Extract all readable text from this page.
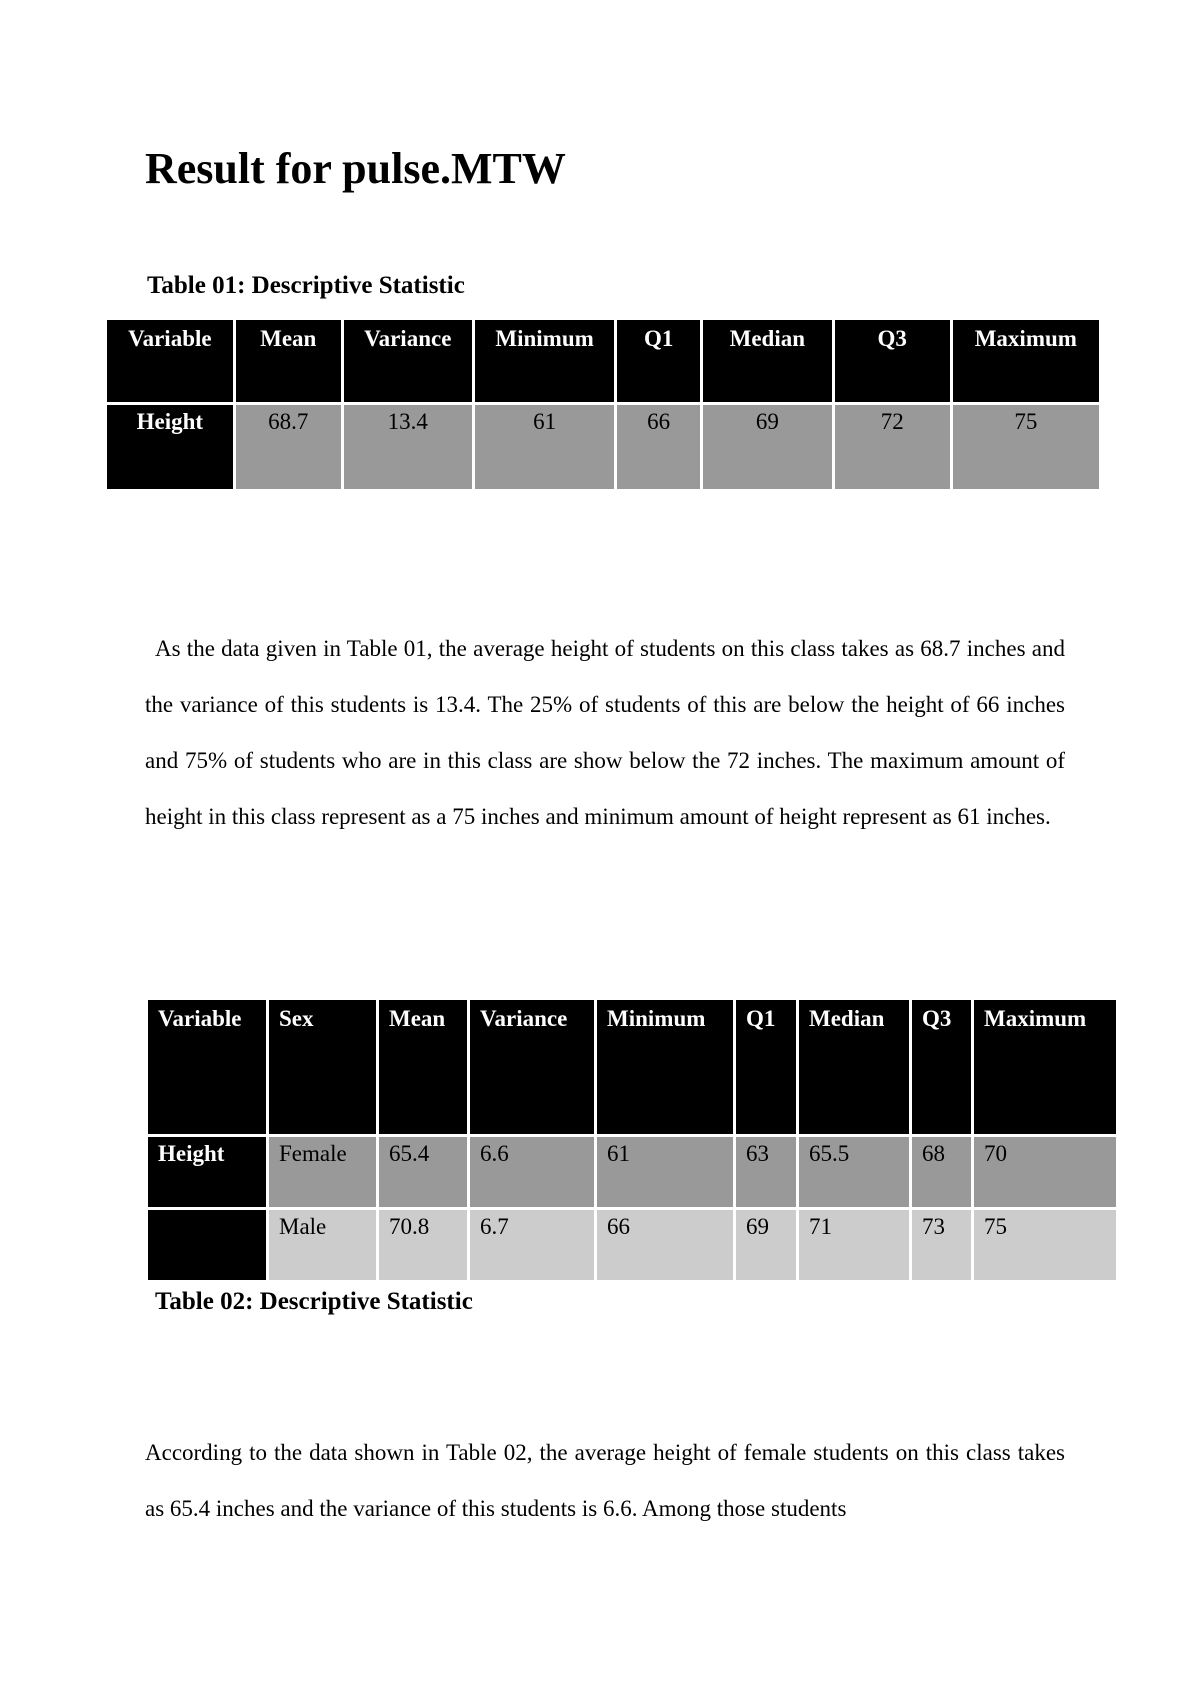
Result for pulse.MTW

Table 01: Descriptive Statistic

Variable	Mean	Variance	Minimum	Q1	Median	Q3	Maximum
Height	68.7	13.4	61	66	69	72	75

As the data given in Table 01, the average height of students on this class takes as 68.7 inches and the variance of this students is 13.4. The 25% of students of this are below the height of 66 inches and 75% of students who are in this class are show below the 72 inches. The maximum amount of height in this class represent as a 75 inches and minimum amount of height represent as 61 inches.

Variable	Sex	Mean	Variance	Minimum	Q1	Median	Q3	Maximum
Height	Female	65.4	6.6	61	63	65.5	68	70
	Male	70.8	6.7	66	69	71	73	75

Table 02: Descriptive Statistic

According to the data shown in Table 02, the average height of female students on this class takes as 65.4 inches and the variance of this students is 6.6. Among those students
